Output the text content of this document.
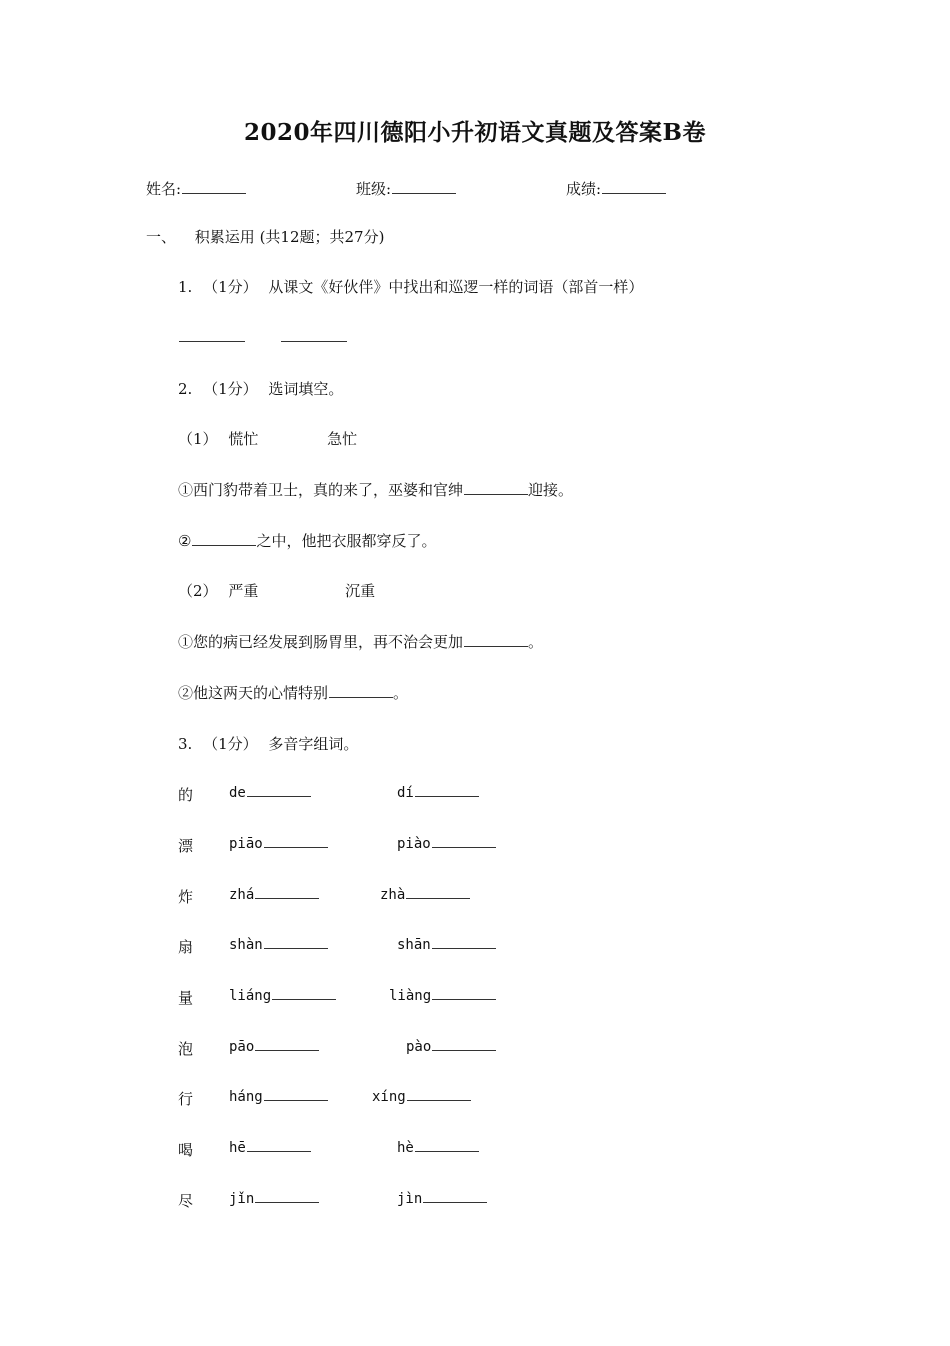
2020年四川德阳小升初语文真题及答案B卷
姓名:	班级:	成绩:
一、 积累运用 (共12题；共27分)
1. （1分） 从课文《好伙伴》中找出和巡逻一样的词语（部首一样）
2. （1分） 选词填空。
（1） 慌忙	急忙
①西门豹带着卫士，真的来了，巫婆和官绅	迎接。
②	之中，他把衣服都穿反了。
（2） 严重	沉重
①您的病已经发展到肠胃里，再不治会更加	。
②他这两天的心情特别	。
3. （1分） 多音字组词。
的	de	dí
漂	piāo	piào
炸	zhá	zhà
扇	shàn	shān
量	liáng	liàng
泡	pāo	pào
行	háng	xíng
喝	hē	hè
尽	jǐn	jìn
